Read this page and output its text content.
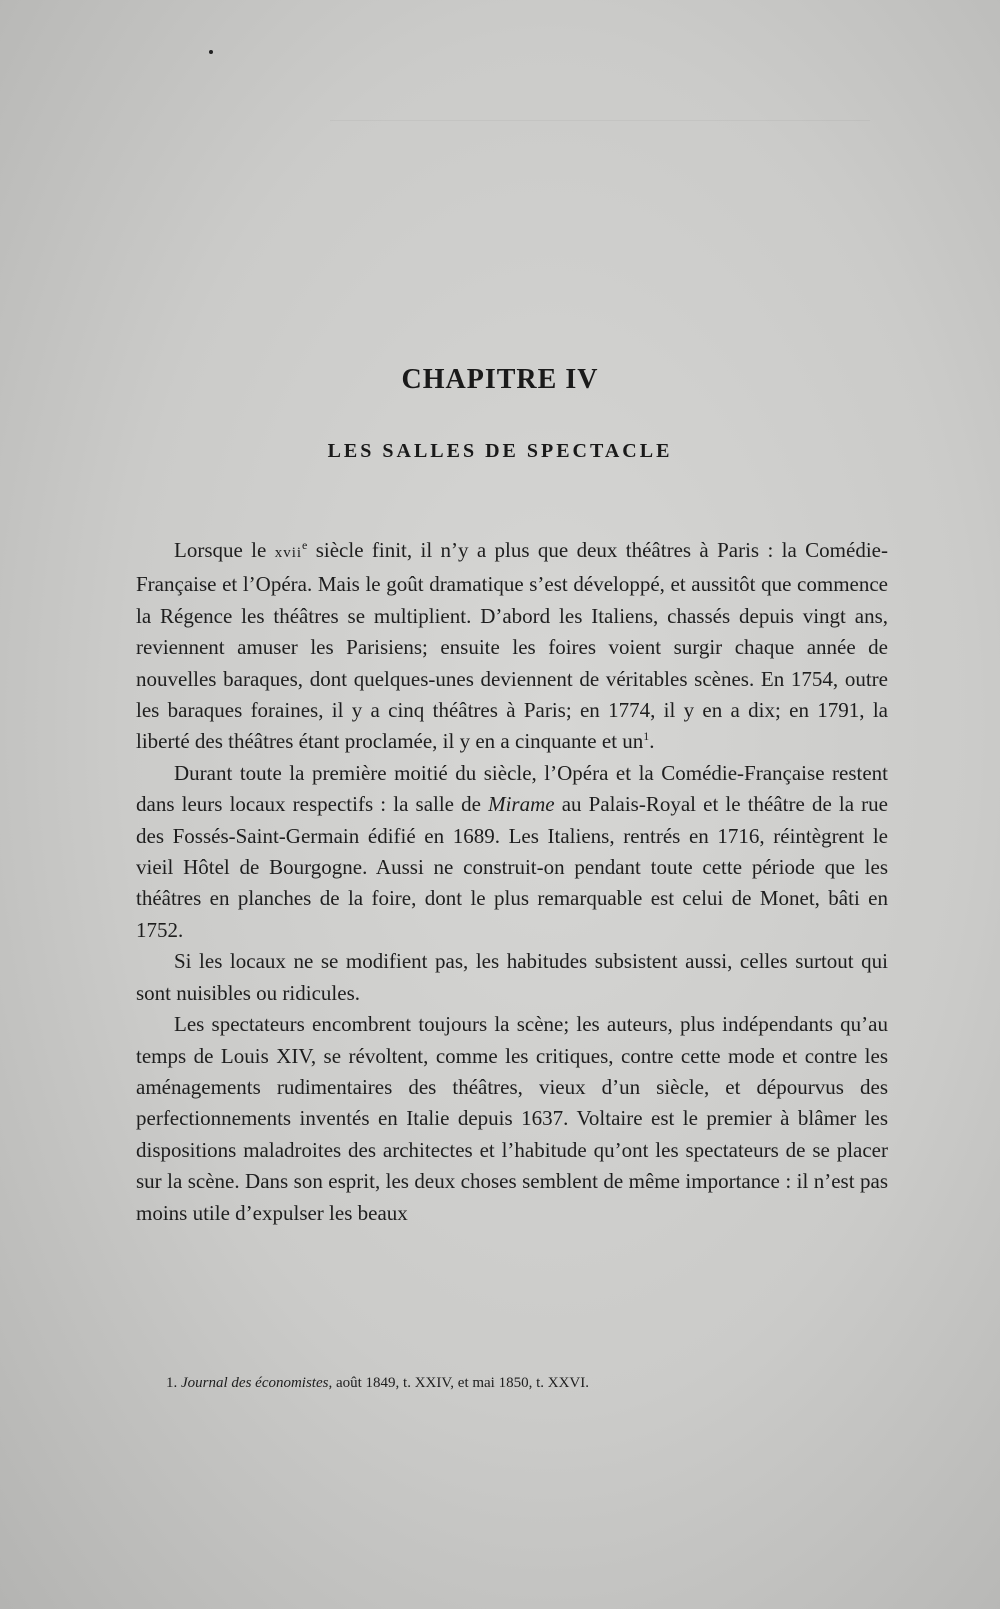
CHAPITRE IV
LES SALLES DE SPECTACLE

Lorsque le xvii$^e$ siècle finit, il n’y a plus que deux théâtres à Paris : la Comédie-Française et l’Opéra. Mais le goût dramatique s’est développé, et aussitôt que commence la Régence les théâtres se multiplient. D’abord les Italiens, chassés depuis vingt ans, reviennent amuser les Parisiens; ensuite les foires voient surgir chaque année de nouvelles baraques, dont quelques-unes deviennent de véritables scènes. En 1754, outre les baraques foraines, il y a cinq théâtres à Paris; en 1774, il y en a dix; en 1791, la liberté des théâtres étant proclamée, il y en a cinquante et $un^1$.

Durant toute la première moitié du siècle, l’Opéra et la Comédie-Française restent dans leurs locaux respectifs : la salle de Mirame au Palais-Royal et le théâtre de la rue des Fossés-Saint-Germain édifié en 1689. Les Italiens, rentrés en 1716, réintègrent le vieil Hôtel de Bourgogne. Aussi ne construit-on pendant toute cette période que les théâtres en planches de la foire, dont le plus remarquable est celui de Monet, bâti en 1752.

Si les locaux ne se modifient pas, les habitudes subsistent aussi, celles surtout qui sont nuisibles ou ridicules.

Les spectateurs encombrent toujours la scène; les auteurs, plus indépendants qu’au temps de Louis XIV, se révoltent, comme les critiques, contre cette mode et contre les aménagements rudimentaires des théâtres, vieux d’un siècle, et dépourvus des perfectionnements inventés en Italie depuis 1637. Voltaire est le premier à blâmer les dispositions maladroites des architectes et l’habitude qu’ont les spectateurs de se placer sur la scène. Dans son esprit, les deux choses semblent de même importance : il n’est pas moins utile d’expulser les beaux

1. Journal des économistes, août 1849, t. XXIV, et mai 1850, t. XXVI.
